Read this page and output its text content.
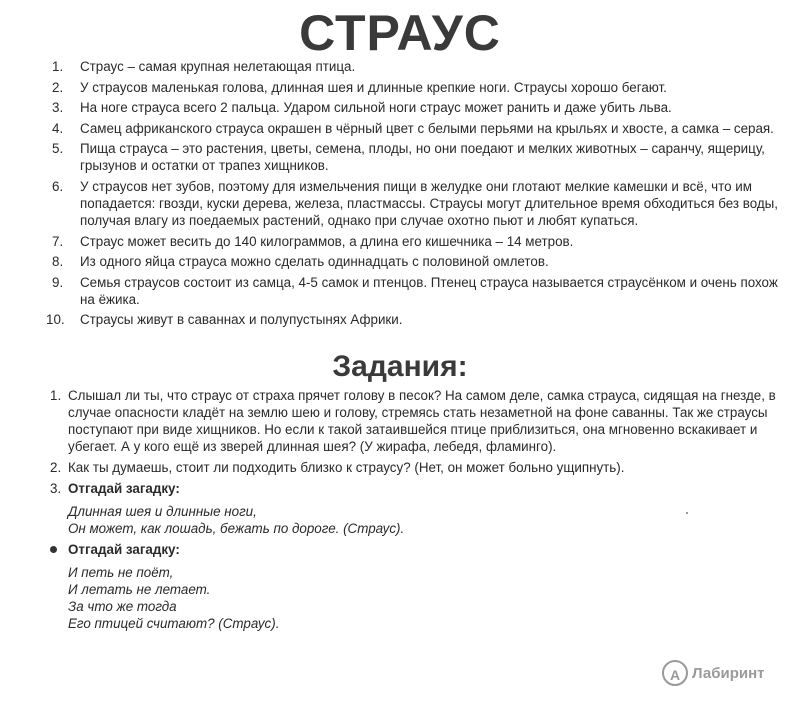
СТРАУС
1. Страус – самая крупная нелетающая птица.
2. У страусов маленькая голова, длинная шея и длинные крепкие ноги. Страусы хорошо бегают.
3. На ноге страуса всего 2 пальца. Ударом сильной ноги страус может ранить и даже убить льва.
4. Самец африканского страуса окрашен в чёрный цвет с белыми перьями на крыльях и хвосте, а самка – серая.
5. Пища страуса – это растения, цветы, семена, плоды, но они поедают и мелких животных – саранчу, ящерицу, грызунов и остатки от трапез хищников.
6. У страусов нет зубов, поэтому для измельчения пищи в желудке они глотают мелкие камешки и всё, что им попадается: гвозди, куски дерева, железа, пластмассы. Страусы могут длительное время обходиться без воды, получая влагу из поедаемых растений, однако при случае охотно пьют и любят купаться.
7. Страус может весить до 140 килограммов, а длина его кишечника – 14 метров.
8. Из одного яйца страуса можно сделать одиннадцать с половиной омлетов.
9. Семья страусов состоит из самца, 4-5 самок и птенцов. Птенец страуса называется страусёнком и очень похож на ёжика.
10. Страусы живут в саваннах и полупустынях Африки.
Задания:
1. Слышал ли ты, что страус от страха прячет голову в песок? На самом деле, самка страуса, сидящая на гнезде, в случае опасности кладёт на землю шею и голову, стремясь стать незаметной на фоне саванны. Так же страусы поступают при виде хищников. Но если к такой затаившейся птице приблизиться, она мгновенно вскакивает и убегает. А у кого ещё из зверей длинная шея? (У жирафа, лебедя, фламинго).
2. Как ты думаешь, стоит ли подходить близко к страусу? (Нет, он может больно ущипнуть).
3. Отгадай загадку:
Длинная шея и длинные ноги,
Он может, как лошадь, бежать по дороге. (Страус).
Отгадай загадку:
И петь не поёт,
И летать не летает.
За что же тогда
Его птицей считают? (Страус).
А Лабиринт
